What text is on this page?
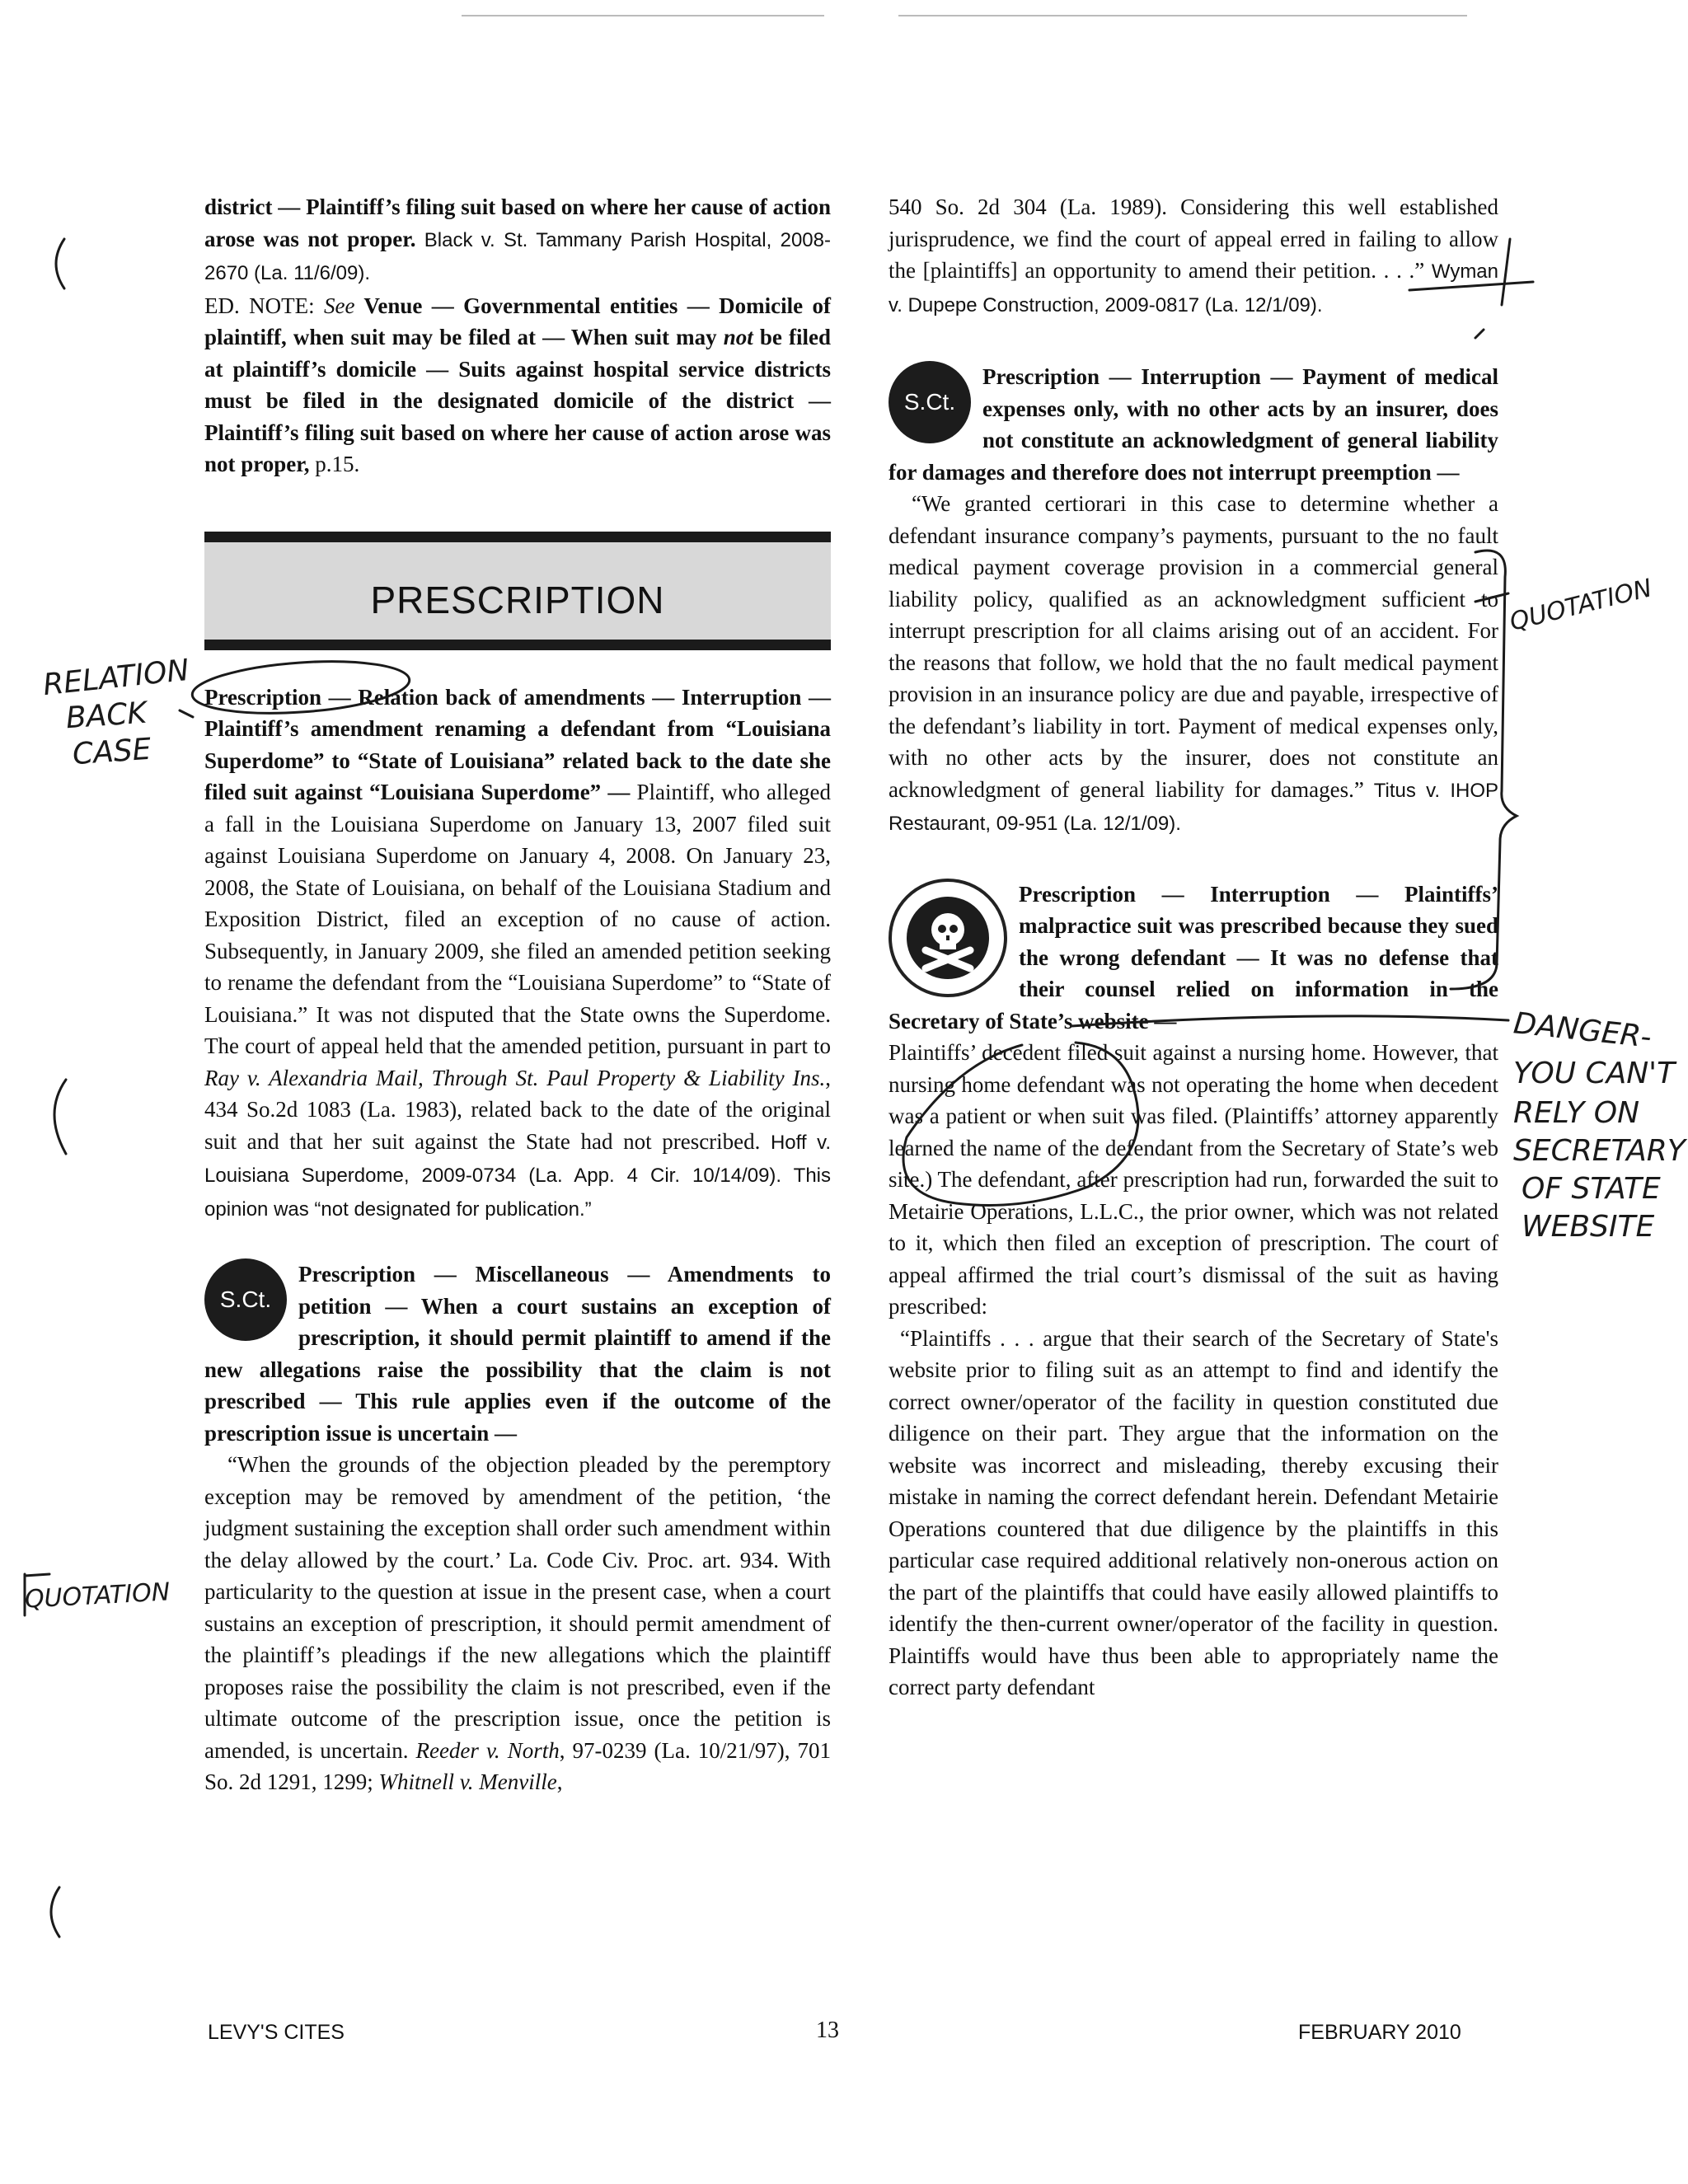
district — Plaintiff’s filing suit based on where her cause of action arose was not proper. Black v. St. Tammany Parish Hospital, 2008-2670 (La. 11/6/09).

ED. NOTE: See Venue — Governmental entities — Domicile of plaintiff, when suit may be filed at — When suit may not be filed at plaintiff’s domicile — Suits against hospital service districts must be filed in the designated domicile of the district — Plaintiff’s filing suit based on where her cause of action arose was not proper, p.15.

PRESCRIPTION

Prescription — Relation back of amendments — Interruption — Plaintiff’s amendment renaming a defendant from “Louisiana Superdome” to “State of Louisiana” related back to the date she filed suit against “Louisiana Superdome” — Plaintiff, who alleged a fall in the Louisiana Superdome on January 13, 2007 filed suit against Louisiana Superdome on January 4, 2008. On January 23, 2008, the State of Louisiana, on behalf of the Louisiana Stadium and Exposition District, filed an exception of no cause of action. Subsequently, in January 2009, she filed an amended petition seeking to rename the defendant from the “Louisiana Superdome” to “State of Louisiana.” It was not disputed that the State owns the Superdome. The court of appeal held that the amended petition, pursuant in part to Ray v. Alexandria Mail, Through St. Paul Property & Liability Ins., 434 So.2d 1083 (La. 1983), related back to the date of the original suit and that her suit against the State had not prescribed. Hoff v. Louisiana Superdome, 2009-0734 (La. App. 4 Cir. 10/14/09). This opinion was “not designated for publication.”

S.Ct.

Prescription — Miscellaneous — Amendments to petition — When a court sustains an exception of prescription, it should permit plaintiff to amend if the new allegations raise the possibility that the claim is not prescribed — This rule applies even if the outcome of the prescription issue is uncertain —

“When the grounds of the objection pleaded by the peremptory exception may be removed by amendment of the petition, ‘the judgment sustaining the exception shall order such amendment within the delay allowed by the court.’ La. Code Civ. Proc. art. 934. With particularity to the question at issue in the present case, when a court sustains an exception of prescription, it should permit amendment of the plaintiff’s pleadings if the new allegations which the plaintiff proposes raise the possibility the claim is not prescribed, even if the ultimate outcome of the prescription issue, once the petition is amended, is uncertain. Reeder v. North, 97-0239 (La. 10/21/97), 701 So. 2d 1291, 1299; Whitnell v. Menville,

540 So. 2d 304 (La. 1989). Considering this well established jurisprudence, we find the court of appeal erred in failing to allow the [plaintiffs] an opportunity to amend their petition. . . .” Wyman v. Dupepe Construction, 2009-0817 (La. 12/1/09).

S.Ct.

Prescription — Interruption — Payment of medical expenses only, with no other acts by an insurer, does not constitute an acknowledgment of general liability for damages and therefore does not interrupt preemption —

“We granted certiorari in this case to determine whether a defendant insurance company’s payments, pursuant to the no fault medical payment coverage provision in a commercial general liability policy, qualified as an acknowledgment sufficient to interrupt prescription for all claims arising out of an accident. For the reasons that follow, we hold that the no fault medical payment provision in an insurance policy are due and payable, irrespective of the defendant’s liability in tort. Payment of medical expenses only, with no other acts by the insurer, does not constitute an acknowledgment of general liability for damages.” Titus v. IHOP Restaurant, 09-951 (La. 12/1/09).

Prescription — Interruption — Plaintiffs’ malpractice suit was prescribed because they sued the wrong defendant — It was no defense that their counsel relied on information in the Secretary of State’s website —

Plaintiffs’ decedent filed suit against a nursing home. However, that nursing home defendant was not operating the home when decedent was a patient or when suit was filed. (Plaintiffs’ attorney apparently learned the name of the defendant from the Secretary of State’s web site.) The defendant, after prescription had run, forwarded the suit to Metairie Operations, L.L.C., the prior owner, which was not related to it, which then filed an exception of prescription. The court of appeal affirmed the trial court’s dismissal of the suit as having prescribed:

“Plaintiffs . . . argue that their search of the Secretary of State's website prior to filing suit as an attempt to find and identify the correct owner/operator of the facility in question constituted due diligence on their part. They argue that the information on the website was incorrect and misleading, thereby excusing their mistake in naming the correct defendant herein. Defendant Metairie Operations countered that due diligence by the plaintiffs in this particular case required additional relatively non-onerous action on the part of the plaintiffs that could have easily allowed plaintiffs to identify the then-current owner/operator of the facility in question. Plaintiffs would have thus been able to appropriately name the correct party defendant

LEVY'S CITES	13	FEBRUARY 2010
RELATION
BACK
CASE
QUOTATION
QUOTATION
DANGER-
YOU CAN'T
RELY ON
SECRETARY
OF STATE
WEBSITE
